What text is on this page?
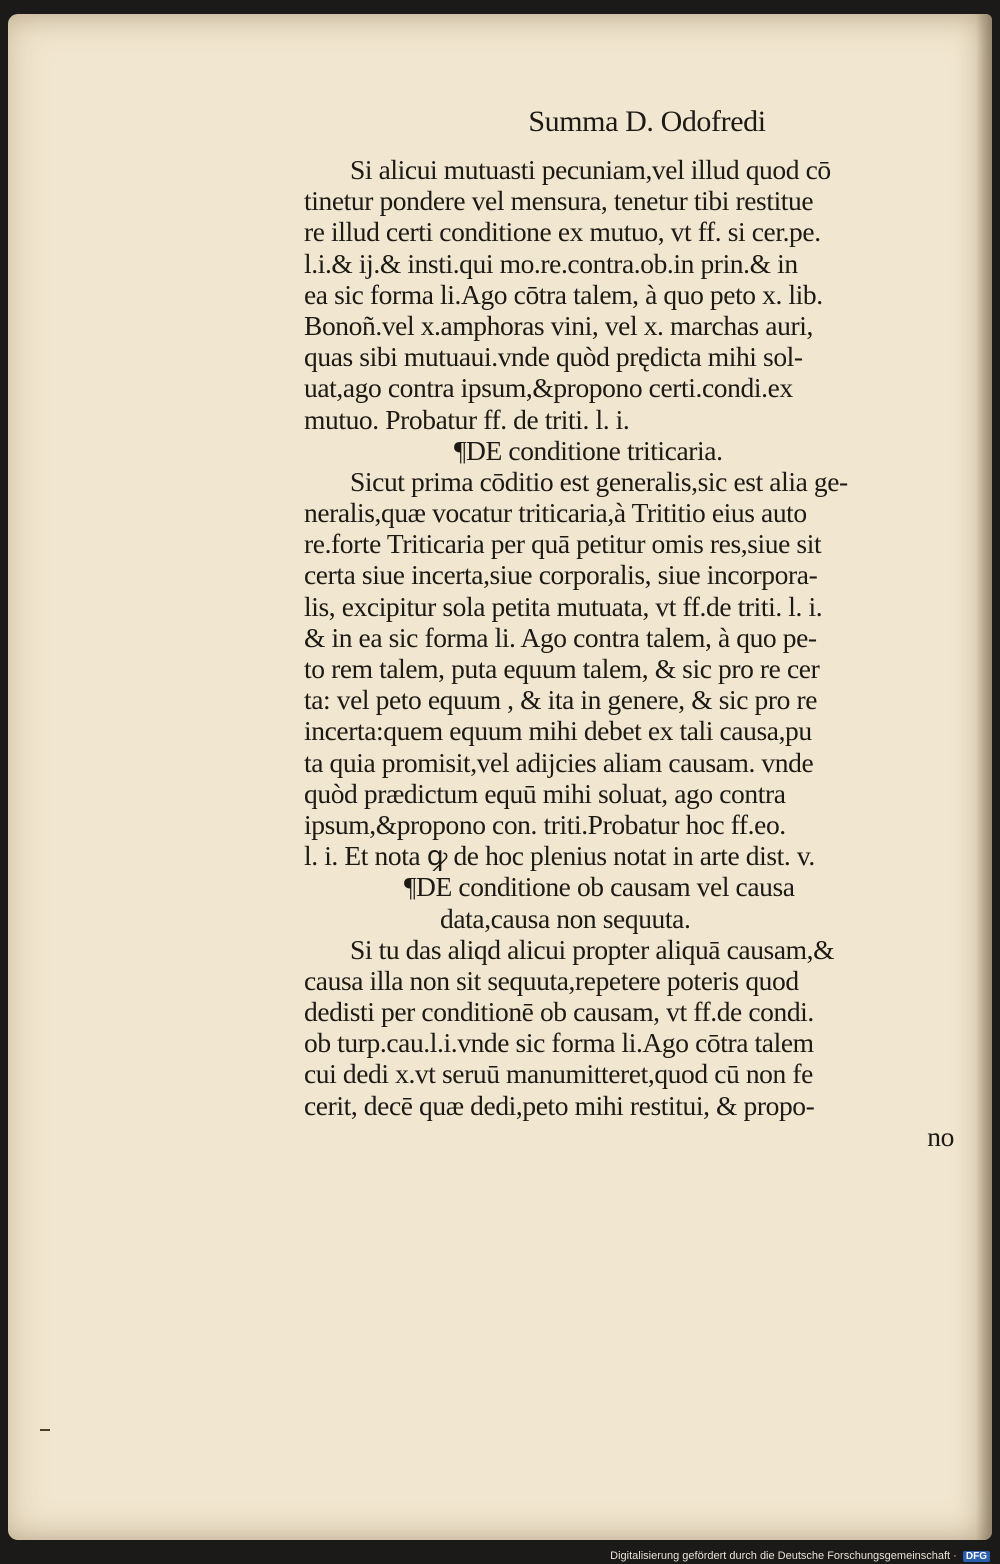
Summa D. Odofredi
Si alicui mutuasti pecuniam,vel illud quod cō
tinetur pondere vel mensura, tenetur tibi restitue
re illud certi conditione ex mutuo, vt ff. si cer.pe.
l.i.& ij.& insti.qui mo.re.contra.ob.in prin.& in
ea sic forma li.Ago cōtra talem, à quo peto x. lib.
Bonoñ.vel x.amphoras vini, vel x. marchas auri,
quas sibi mutuaui.vnde quòd prędicta mihi sol-
uat,ago contra ipsum,&propono certi.condi.ex
mutuo. Probatur ff. de triti. l. i.
¶DE conditione triticaria.
Sicut prima cōditio est generalis,sic est alia ge-
neralis,quæ vocatur triticaria,à Trititio eius auto
re.forte Triticaria per quā petitur omis res,siue sit
certa siue incerta,siue corporalis, siue incorpora-
lis, excipitur sola petita mutuata, vt ff.de triti. l. i.
& in ea sic forma li. Ago contra talem, à quo pe-
to rem talem, puta equum talem, & sic pro re cer
ta: vel peto equum , & ita in genere, & sic pro re
incerta:quem equum mihi debet ex tali causa,pu
ta quia promisit,vel adijcies aliam causam. vnde
quòd prædictum equū mihi soluat, ago contra
ipsum,&propono con. triti.Probatur hoc ff.eo.
l. i. Et nota ꝙ de hoc plenius notat in arte dist. v.
¶DE conditione ob causam vel causa
data,causa non sequuta.
Si tu das aliqd alicui propter aliquā causam,&
causa illa non sit sequuta,repetere poteris quod
dedisti per conditionē ob causam, vt ff.de condi.
ob turp.cau.l.i.vnde sic forma li.Ago cōtra talem
cui dedi x.vt seruū manumitteret,quod cū non fe
cerit, decē quæ dedi,peto mihi restitui, & propo-
no
Digitalisierung gefördert durch die Deutsche Forschungsgemeinschaft · DFG
